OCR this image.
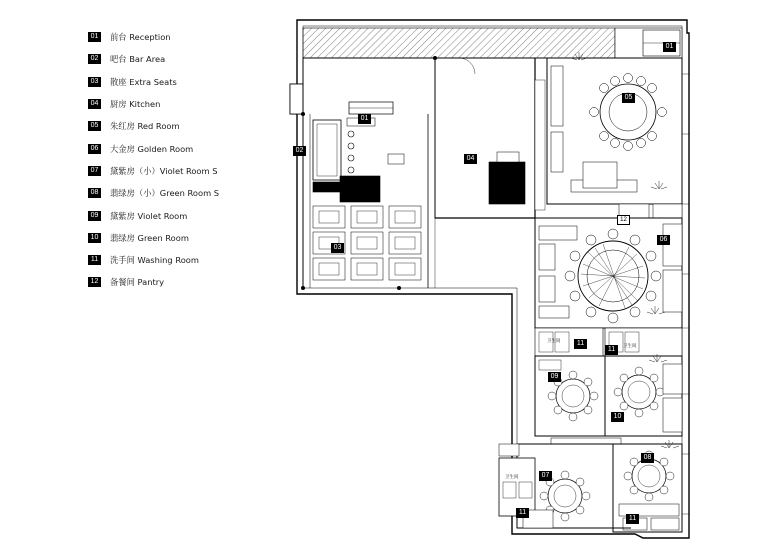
01	前台 Reception
02	吧台 Bar Area
03	散座 Extra Seats
04	厨房 Kitchen
05	朱红房 Red Room
06	大金房 Golden Room
07	黛紫房（小）Violet Room S
08	翡绿房（小）Green Room S
09	黛紫房 Violet Room
10	翡绿房 Green Room
11	洗手间 Washing Room
12	备餐间 Pantry
01
02
03
04
05
06
07
08
09
10
11
11
11
11
12
01
卫生间
卫生间
卫生间
